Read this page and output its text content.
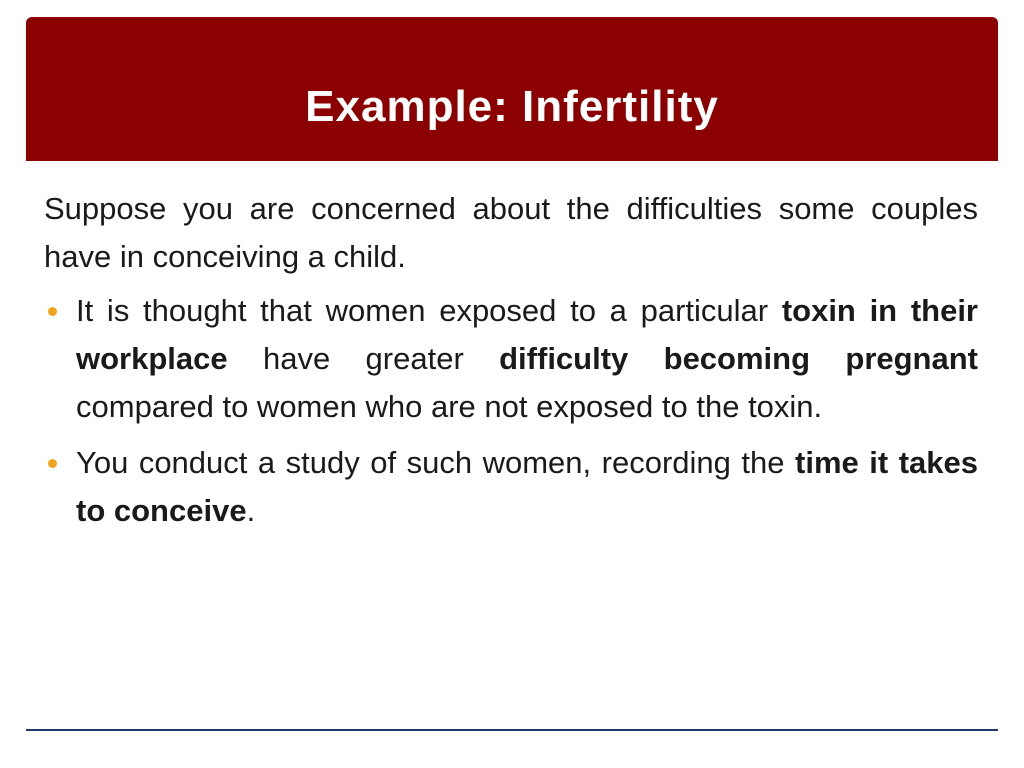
Example: Infertility

Suppose you are concerned about the difficulties some couples have in conceiving a child.

It is thought that women exposed to a particular toxin in their workplace have greater difficulty becoming pregnant compared to women who are not exposed to the toxin.
You conduct a study of such women, recording the time it takes to conceive.
